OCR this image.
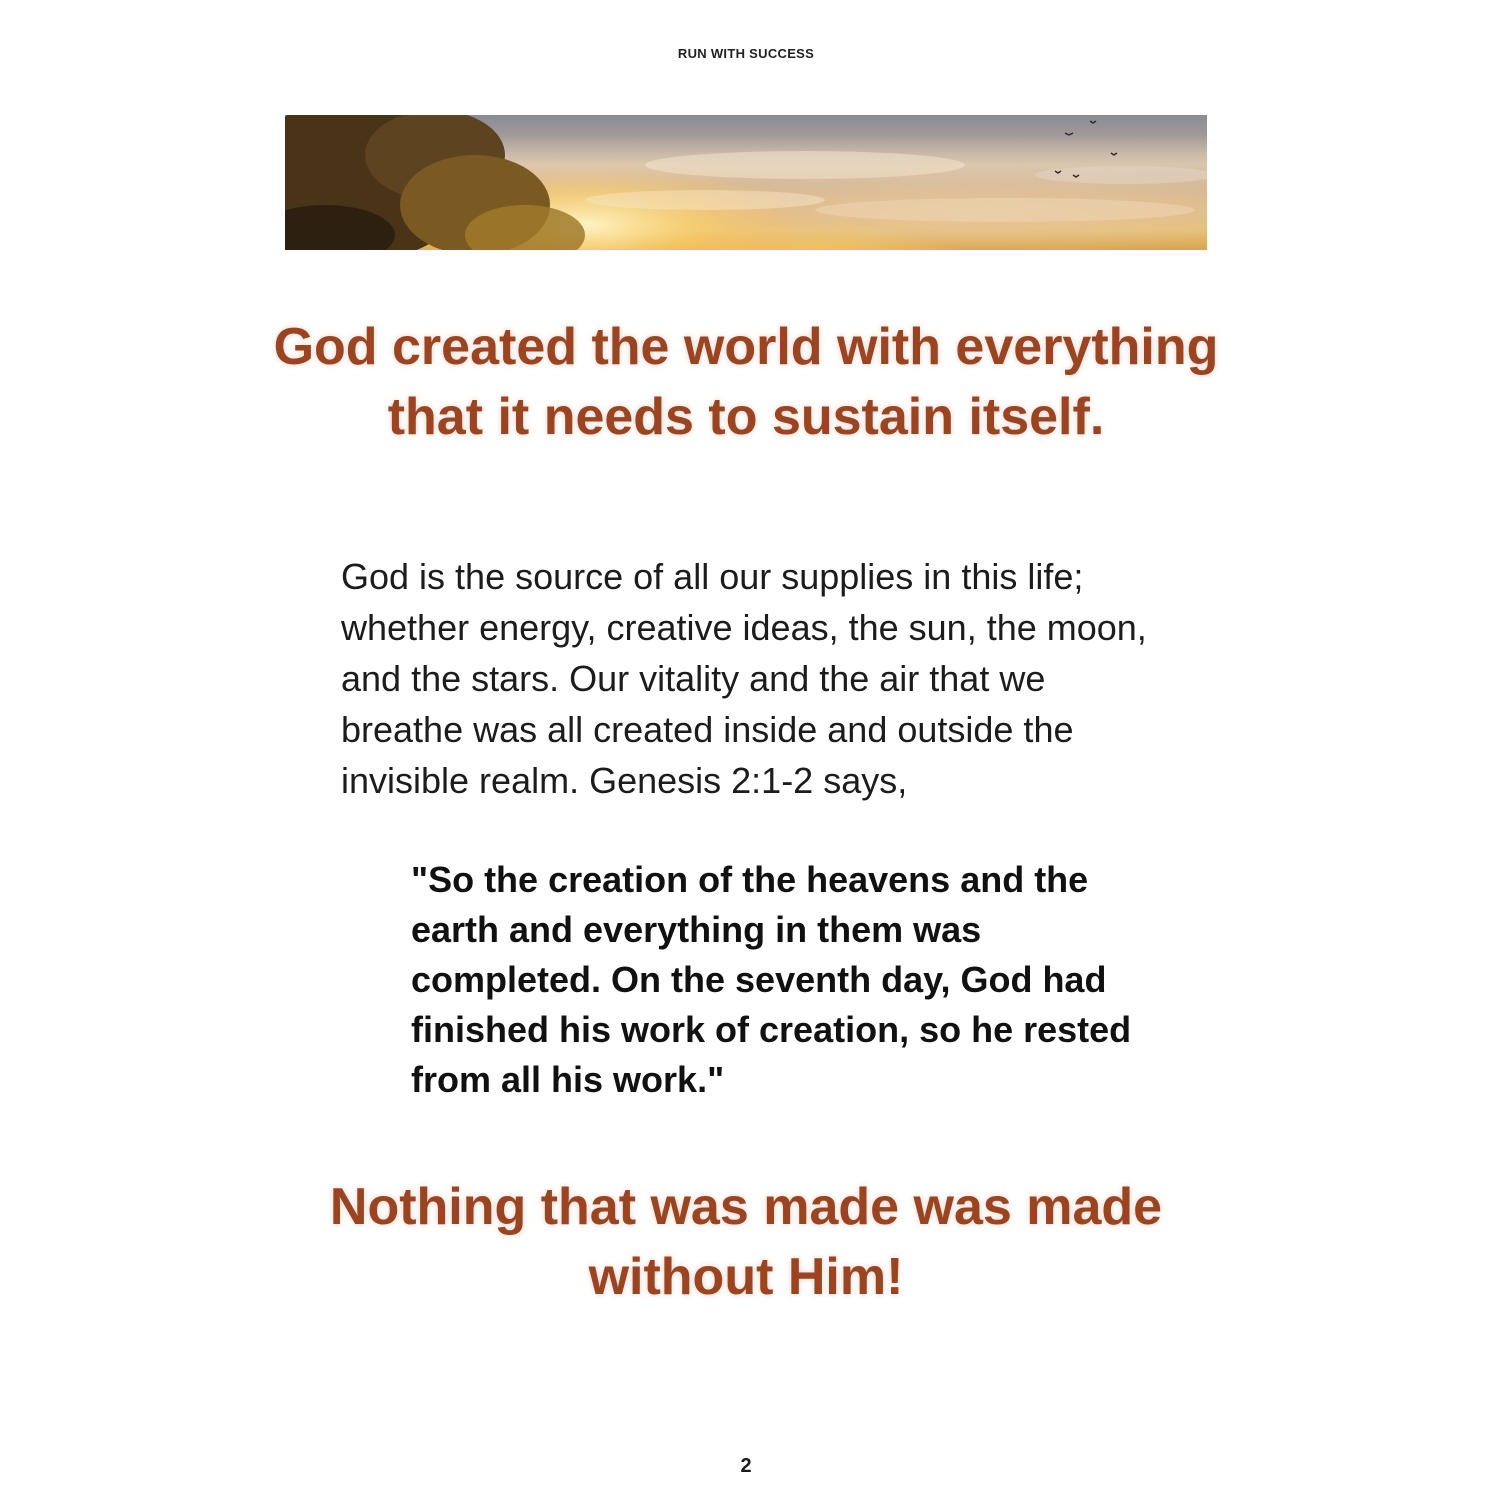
RUN WITH SUCCESS
God created the world with everything that it needs to sustain itself.

God is the source of all our supplies in this life; whether energy, creative ideas, the sun, the moon, and the stars. Our vitality and the air that we breathe was all created inside and outside the invisible realm. Genesis 2:1-2 says,

"So the creation of the heavens and the earth and everything in them was completed. On the seventh day, God had finished his work of creation, so he rested from all his work."

Nothing that was made was made without Him!
2
